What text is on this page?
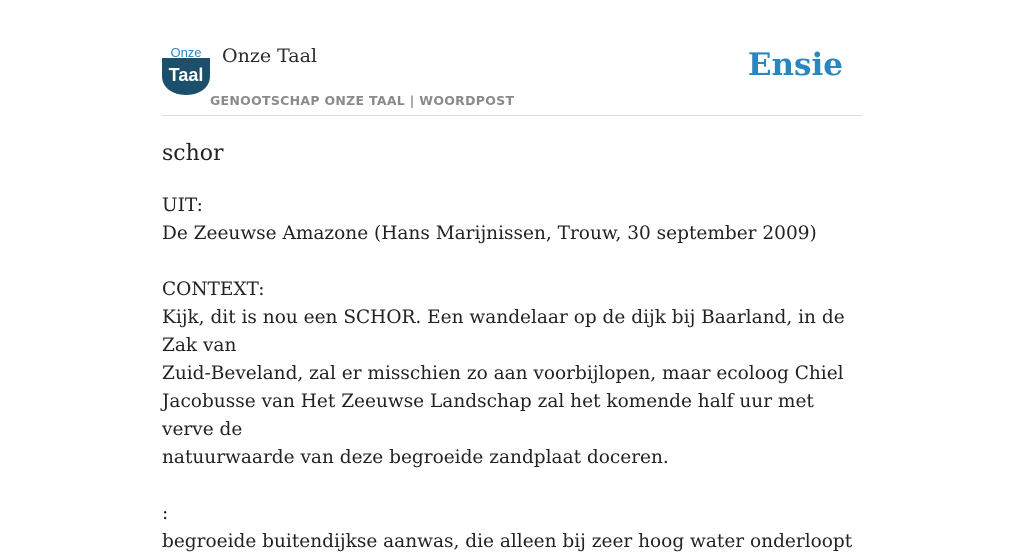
Onze
Taal
Onze Taal
GENOOTSCHAP ONZE TAAL | WOORDPOST
Ensie
schor

UIT:

De Zeeuwse Amazone (Hans Marijnissen, Trouw, 30 september 2009)

CONTEXT:

Kijk, dit is nou een SCHOR. Een wandelaar op de dijk bij Baarland, in de Zak van

Zuid-Beveland, zal er misschien zo aan voorbijlopen, maar ecoloog Chiel

Jacobusse van Het Zeeuwse Landschap zal het komende half uur met verve de

natuurwaarde van deze begroeide zandplaat doceren.

:

begroeide buitendijkse aanwas, die alleen bij zeer hoog water onderloopt
